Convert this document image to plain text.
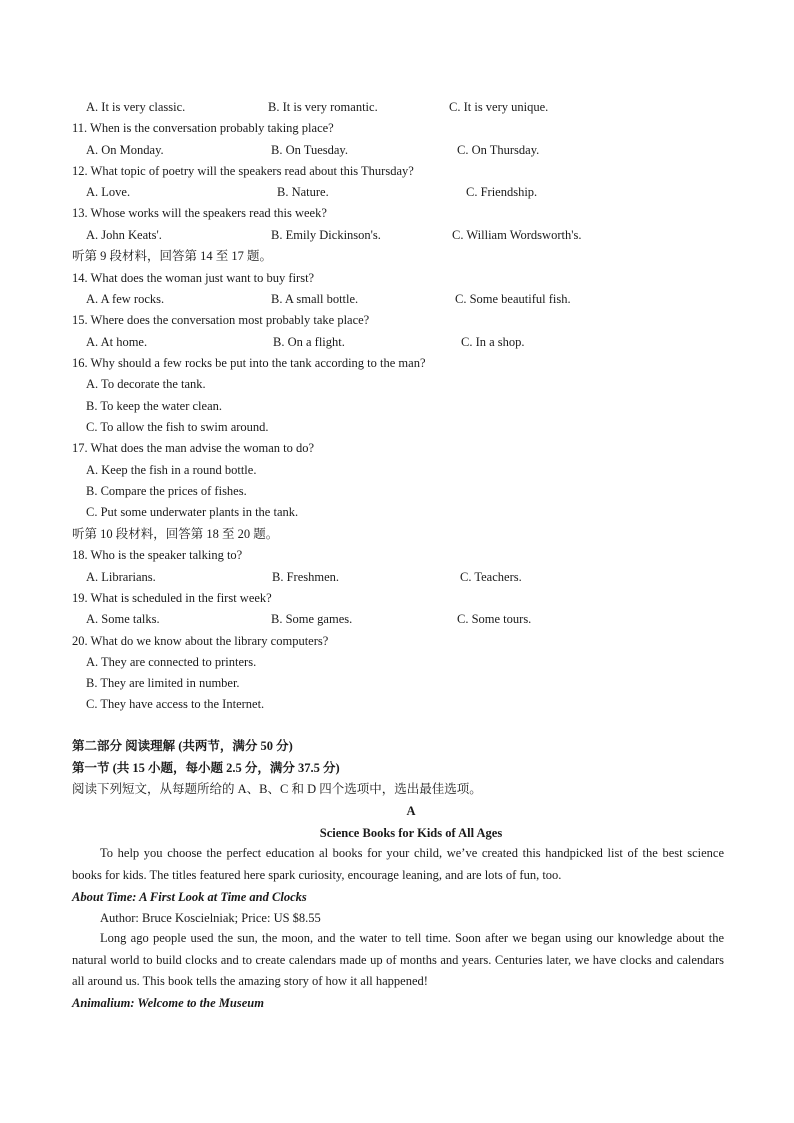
A. It is very classic.	B. It is very romantic.	C. It is very unique.
11. When is the conversation probably taking place?
A. On Monday.	B. On Tuesday.	C. On Thursday.
12. What topic of poetry will the speakers read about this Thursday?
A. Love.	B. Nature.	C. Friendship.
13. Whose works will the speakers read this week?
A. John Keats'.	B. Emily Dickinson's.	C. William Wordsworth's.
听第 9 段材料，回答第 14 至 17 题。
14. What does the woman just want to buy first?
A. A few rocks.	B. A small bottle.	C. Some beautiful fish.
15. Where does the conversation most probably take place?
A. At home.	B. On a flight.	C. In a shop.
16. Why should a few rocks be put into the tank according to the man?
A. To decorate the tank.
B. To keep the water clean.
C. To allow the fish to swim around.
17. What does the man advise the woman to do?
A. Keep the fish in a round bottle.
B. Compare the prices of fishes.
C. Put some underwater plants in the tank.
听第 10 段材料，回答第 18 至 20 题。
18. Who is the speaker talking to?
A. Librarians.	B. Freshmen.	C. Teachers.
19. What is scheduled in the first week?
A. Some talks.	B. Some games.	C. Some tours.
20. What do we know about the library computers?
A. They are connected to printers.
B. They are limited in number.
C. They have access to the Internet.
第二部分 阅读理解 (共两节，满分 50 分)
第一节 (共 15 小题，每小题 2.5 分，满分 37.5 分)
阅读下列短文，从每题所给的 A、B、C 和 D 四个选项中，选出最佳选项。
A
Science Books for Kids of All Ages
To help you choose the perfect education al books for your child, we’ve created this handpicked list of the best science books for kids. The titles featured here spark curiosity, encourage leaning, and are lots of fun, too.
About Time: A First Look at Time and Clocks
Author: Bruce Koscielniak; Price: US $8.55
Long ago people used the sun, the moon, and the water to tell time. Soon after we began using our knowledge about the natural world to build clocks and to create calendars made up of months and years. Centuries later, we have clocks and calendars all around us. This book tells the amazing story of how it all happened!
Animalium: Welcome to the Museum
